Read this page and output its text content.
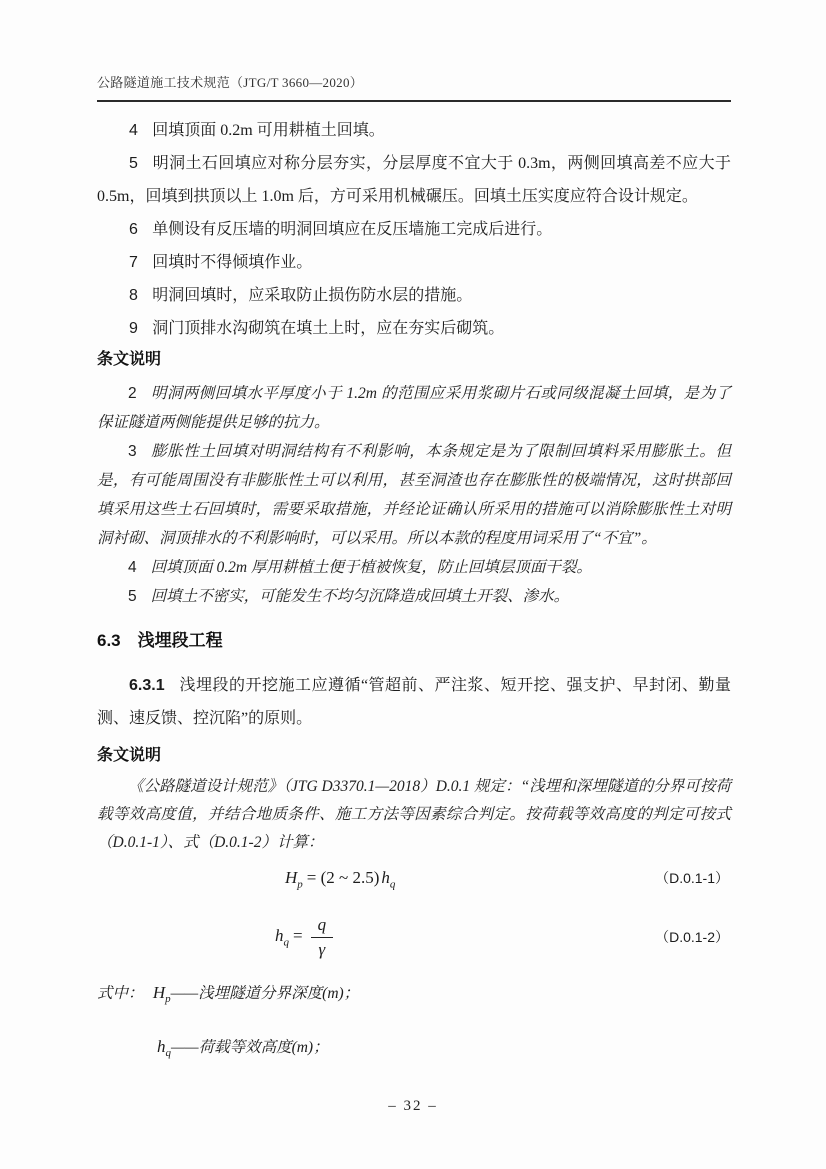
公路隧道施工技术规范（JTG/T 3660—2020）

4 回填顶面 0.2m 可用耕植土回填。

5 明洞土石回填应对称分层夯实，分层厚度不宜大于 0.3m，两侧回填高差不应大于 0.5m，回填到拱顶以上 1.0m 后，方可采用机械碾压。回填土压实度应符合设计规定。

6 单侧设有反压墙的明洞回填应在反压墙施工完成后进行。

7 回填时不得倾填作业。

8 明洞回填时，应采取防止损伤防水层的措施。

9 洞门顶排水沟砌筑在填土上时，应在夯实后砌筑。

条文说明

2 明洞两侧回填水平厚度小于 1.2m 的范围应采用浆砌片石或同级混凝土回填，是为了保证隧道两侧能提供足够的抗力。

3 膨胀性土回填对明洞结构有不利影响，本条规定是为了限制回填料采用膨胀土。但是，有可能周围没有非膨胀性土可以利用，甚至洞渣也存在膨胀性的极端情况，这时拱部回填采用这些土石回填时，需要采取措施，并经论证确认所采用的措施可以消除膨胀性土对明洞衬砌、洞顶排水的不利影响时，可以采用。所以本款的程度用词采用了“不宜”。

4 回填顶面 0.2m 厚用耕植土便于植被恢复，防止回填层顶面干裂。

5 回填土不密实，可能发生不均匀沉降造成回填土开裂、渗水。

6.3 浅埋段工程

6.3.1 浅埋段的开挖施工应遵循“管超前、严注浆、短开挖、强支护、早封闭、勤量测、速反馈、控沉陷”的原则。

条文说明

《公路隧道设计规范》（JTG D3370.1—2018）D.0.1 规定：“浅埋和深埋隧道的分界可按荷载等效高度值，并结合地质条件、施工方法等因素综合判定。按荷载等效高度的判定可按式（D.0.1-1）、式（D.0.1-2）计算：

$H_p = (2$ ~ 2.5) $h_q$	（D.0.1-1）
$h_q = \frac{q}{\gamma}$	（D.0.1-2）

式中： $H_p——$浅埋隧道分界深度(m)；

$h_q——$荷载等效高度(m)；

– 32 –
